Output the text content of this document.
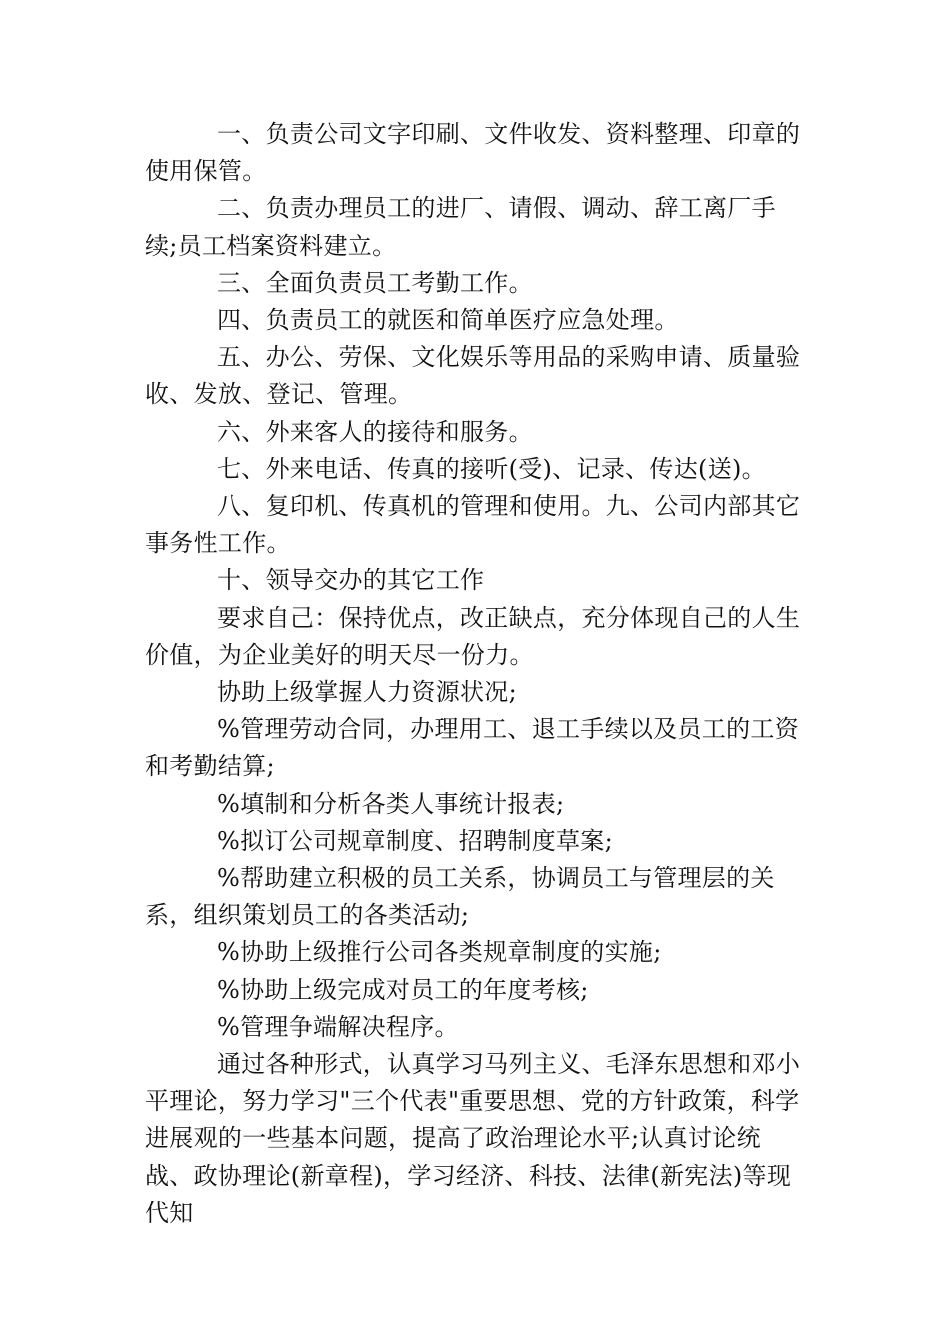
一、负责公司文字印刷、文件收发、资料整理、印章的使用保管。

二、负责办理员工的进厂、请假、调动、辞工离厂手续;员工档案资料建立。

三、全面负责员工考勤工作。

四、负责员工的就医和简单医疗应急处理。

五、办公、劳保、文化娱乐等用品的采购申请、质量验收、发放、登记、管理。

六、外来客人的接待和服务。

七、外来电话、传真的接听(受)、记录、传达(送)。

八、复印机、传真机的管理和使用。九、公司内部其它事务性工作。

十、领导交办的其它工作

要求自己：保持优点，改正缺点，充分体现自己的人生价值，为企业美好的明天尽一份力。

协助上级掌握人力资源状况;

%管理劳动合同，办理用工、退工手续以及员工的工资和考勤结算;

%填制和分析各类人事统计报表;

%拟订公司规章制度、招聘制度草案;

%帮助建立积极的员工关系，协调员工与管理层的关系，组织策划员工的各类活动;

%协助上级推行公司各类规章制度的实施;

%协助上级完成对员工的年度考核;

%管理争端解决程序。

通过各种形式，认真学习马列主义、毛泽东思想和邓小平理论，努力学习"三个代表"重要思想、党的方针政策，科学进展观的一些基本问题，提高了政治理论水平;认真讨论统战、政协理论(新章程)，学习经济、科技、法律(新宪法)等现代知
